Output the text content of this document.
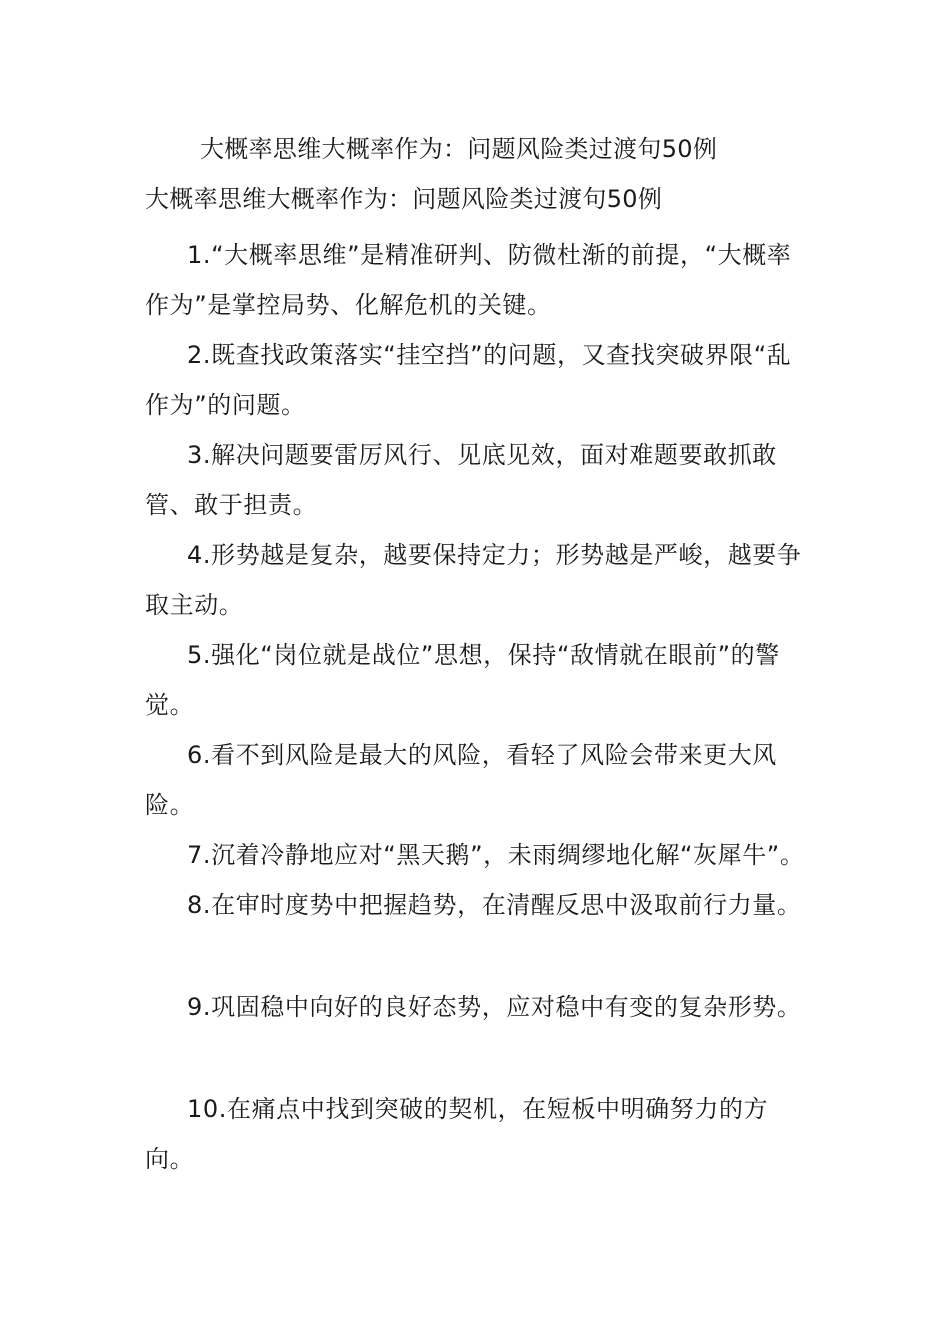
大概率思维大概率作为：问题风险类过渡句50例
大概率思维大概率作为：问题风险类过渡句50例

1.“大概率思维”是精准研判、防微杜渐的前提，“大概率作为”是掌控局势、化解危机的关键。

2.既查找政策落实“挂空挡”的问题，又查找突破界限“乱作为”的问题。

3.解决问题要雷厉风行、见底见效，面对难题要敢抓敢管、敢于担责。

4.形势越是复杂，越要保持定力；形势越是严峻，越要争取主动。

5.强化“岗位就是战位”思想，保持“敌情就在眼前”的警觉。

6.看不到风险是最大的风险，看轻了风险会带来更大风险。

7.沉着冷静地应对“黑天鹅”，未雨绸缪地化解“灰犀牛”。

8.在审时度势中把握趋势，在清醒反思中汲取前行力量。

9.巩固稳中向好的良好态势，应对稳中有变的复杂形势。

10.在痛点中找到突破的契机，在短板中明确努力的方向。
